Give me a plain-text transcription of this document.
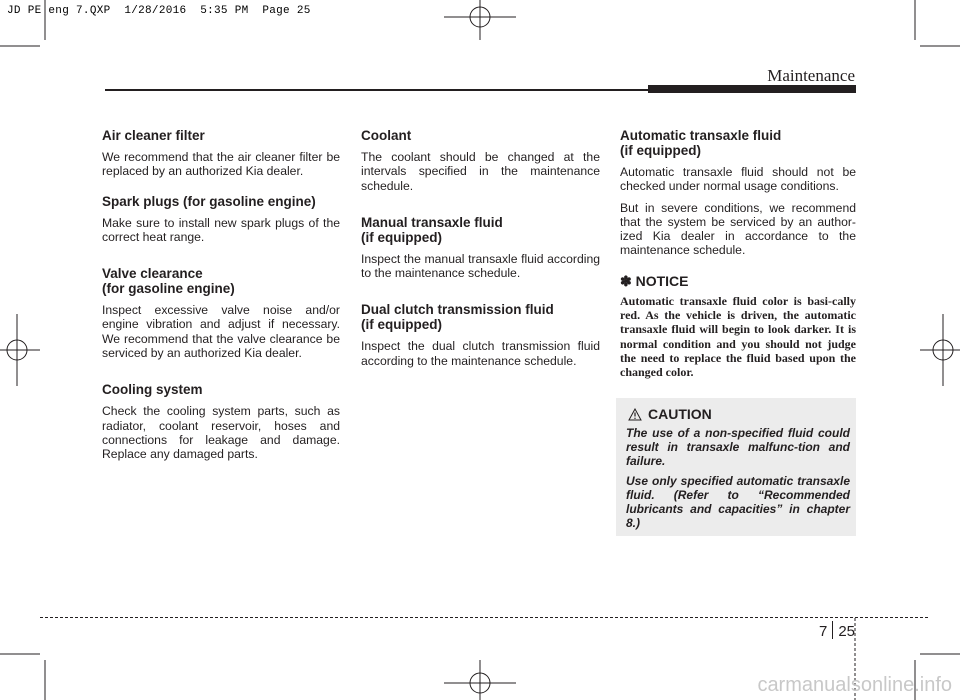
JD PE eng 7.QXP  1/28/2016  5:35 PM  Page 25
Maintenance
Air cleaner filter

We recommend that the air cleaner filter be replaced by an authorized Kia dealer.

Spark plugs (for gasoline engine)

Make sure to install new spark plugs of the correct heat range.

Valve clearance
(for gasoline engine)

Inspect excessive valve noise and/or engine vibration and adjust if necessary. We recommend that the valve clearance be serviced by an authorized Kia dealer.

Cooling system

Check the cooling system parts, such as radiator, coolant reservoir, hoses and connections for leakage and damage. Replace any damaged parts.

Coolant

The coolant should be changed at the intervals specified in the maintenance schedule.

Manual transaxle fluid
(if equipped)

Inspect the manual transaxle fluid according to the maintenance schedule.

Dual clutch transmission fluid
(if equipped)

Inspect the dual clutch transmission fluid according to the maintenance schedule.

Automatic transaxle fluid
(if equipped)

Automatic transaxle fluid should not be checked under normal usage conditions.

But in severe conditions, we recommend that the system be serviced by an author-ized Kia dealer in accordance to the maintenance schedule.

✽ NOTICE

Automatic transaxle fluid color is basi-cally red. As the vehicle is driven, the automatic transaxle fluid will begin to look darker. It is normal condition and you should not judge the need to replace the fluid based upon the changed color.

CAUTION

The use of a non-specified fluid could result in transaxle malfunc-tion and failure.

Use only specified automatic transaxle fluid. (Refer to “Recommended lubricants and capacities” in chapter 8.)

7 25
carmanualsonline.info
